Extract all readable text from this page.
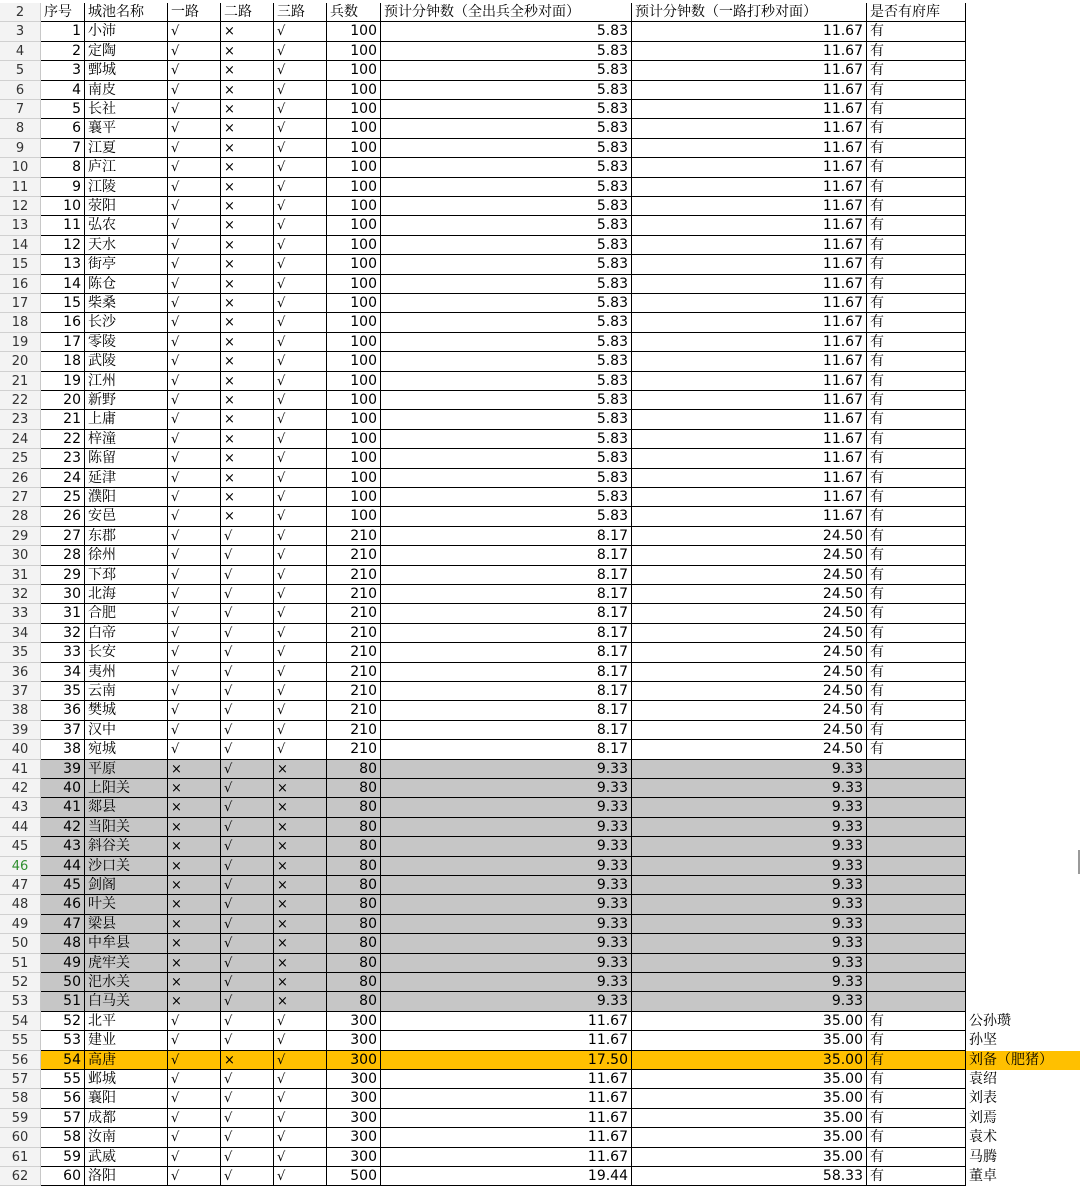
2	序号	城池名称	一路	二路	三路	兵数	预计分钟数（全出兵全秒对面）	预计分钟数（一路打秒对面）	是否有府库
3	1 小沛	√	×	√	100	5.83	11.67 有
4	2 定陶	√	×	√	100	5.83	11.67 有
5	3 鄄城	√	×	√	100	5.83	11.67 有
6	4 南皮	√	×	√	100	5.83	11.67 有
7	5 长社	√	×	√	100	5.83	11.67 有
8	6 襄平	√	×	√	100	5.83	11.67 有
9	7 江夏	√	×	√	100	5.83	11.67 有
10	8 庐江	√	×	√	100	5.83	11.67 有
11	9 江陵	√	×	√	100	5.83	11.67 有
12	10 荥阳	√	×	√	100	5.83	11.67 有
13	11 弘农	√	×	√	100	5.83	11.67 有
14	12 天水	√	×	√	100	5.83	11.67 有
15	13 街亭	√	×	√	100	5.83	11.67 有
16	14 陈仓	√	×	√	100	5.83	11.67 有
17	15 柴桑	√	×	√	100	5.83	11.67 有
18	16 长沙	√	×	√	100	5.83	11.67 有
19	17 零陵	√	×	√	100	5.83	11.67 有
20	18 武陵	√	×	√	100	5.83	11.67 有
21	19 江州	√	×	√	100	5.83	11.67 有
22	20 新野	√	×	√	100	5.83	11.67 有
23	21 上庸	√	×	√	100	5.83	11.67 有
24	22 梓潼	√	×	√	100	5.83	11.67 有
25	23 陈留	√	×	√	100	5.83	11.67 有
26	24 延津	√	×	√	100	5.83	11.67 有
27	25 濮阳	√	×	√	100	5.83	11.67 有
28	26 安邑	√	×	√	100	5.83	11.67 有
29	27 东郡	√	√	√	210	8.17	24.50 有
30	28 徐州	√	√	√	210	8.17	24.50 有
31	29 下邳	√	√	√	210	8.17	24.50 有
32	30 北海	√	√	√	210	8.17	24.50 有
33	31 合肥	√	√	√	210	8.17	24.50 有
34	32 白帝	√	√	√	210	8.17	24.50 有
35	33 长安	√	√	√	210	8.17	24.50 有
36	34 夷州	√	√	√	210	8.17	24.50 有
37	35 云南	√	√	√	210	8.17	24.50 有
38	36 樊城	√	√	√	210	8.17	24.50 有
39	37 汉中	√	√	√	210	8.17	24.50 有
40	38 宛城	√	√	√	210	8.17	24.50 有
41	39 平原	×	√	×	80	9.33	9.33
42	40 上阳关	×	√	×	80	9.33	9.33
43	41 郯县	×	√	×	80	9.33	9.33
44	42 当阳关	×	√	×	80	9.33	9.33
45	43 斜谷关	×	√	×	80	9.33	9.33
46	44 沙口关	×	√	×	80	9.33	9.33
47	45 剑阁	×	√	×	80	9.33	9.33
48	46 叶关	×	√	×	80	9.33	9.33
49	47 梁县	×	√	×	80	9.33	9.33
50	48 中牟县	×	√	×	80	9.33	9.33
51	49 虎牢关	×	√	×	80	9.33	9.33
52	50 汜水关	×	√	×	80	9.33	9.33
53	51 白马关	×	√	×	80	9.33	9.33
54	52 北平	√	√	√	300	11.67	35.00 有	公孙瓒
55	53 建业	√	√	√	300	11.67	35.00 有	孙坚
56	54 高唐	√	×	√	300	17.50	35.00 有	刘备（肥猪）
57	55 邺城	√	√	√	300	11.67	35.00 有	袁绍
58	56 襄阳	√	√	√	300	11.67	35.00 有	刘表
59	57 成都	√	√	√	300	11.67	35.00 有	刘焉
60	58 汝南	√	√	√	300	11.67	35.00 有	袁术
61	59 武威	√	√	√	300	11.67	35.00 有	马腾
62	60 洛阳	√	√	√	500	19.44	58.33 有	董卓
